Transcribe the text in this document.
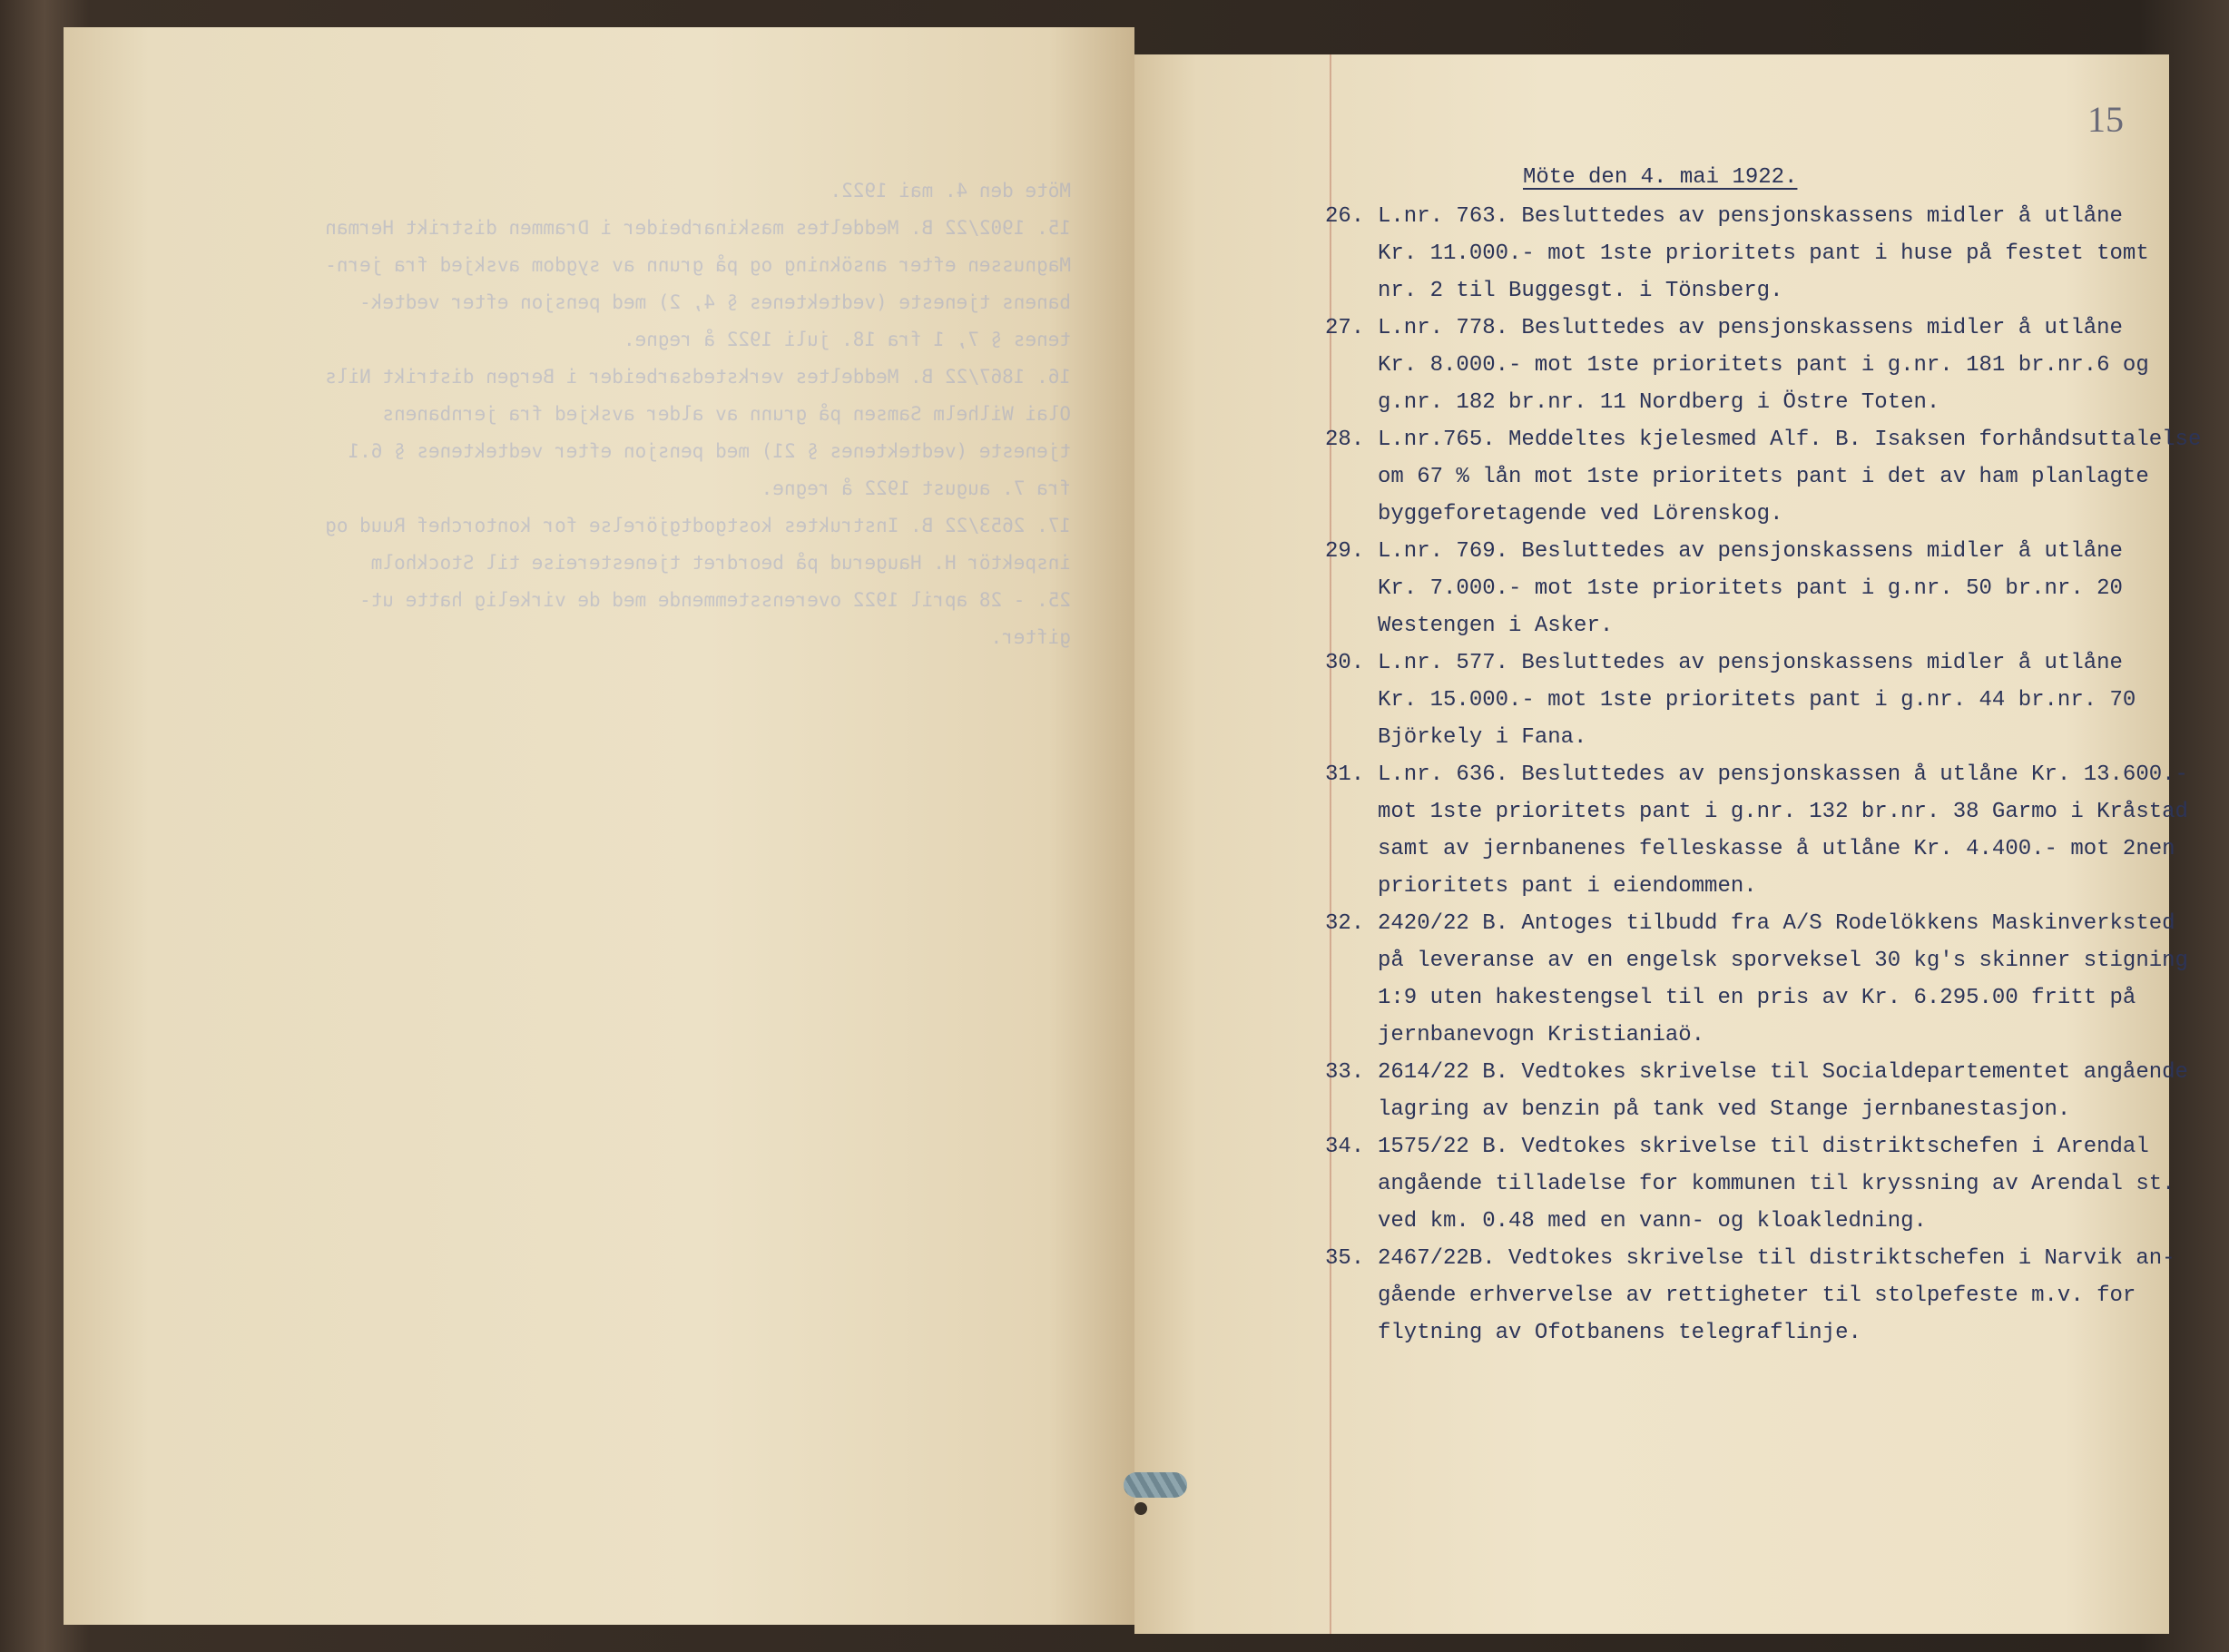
Möte den 4. mai 1922.
15. 1902/22 B. Meddeltes maskinarbeider i Drammen distrikt Herman
Magnussen efter ansökning og på grunn av sygdom avskjed fra jern-
banens tjeneste (vedtektenes § 4, 2) med pensjon efter vedtek-
tenes § 7, 1 fra 18. juli 1922 å regne.
16. 1867/22 B. Meddeltes verkstedsarbeider i Bergen distrikt Nils
Olai Wilhelm Samsen på grunn av alder avskjed fra jernbanens
tjeneste (vedtektenes § 21) med pensjon efter vedtektenes § 6.1
fra 7. august 1922 å regne.
17. 2653/22 B. Instruktes kostgodtgjörelse for kontorchef Ruud og
inspektör H. Haugerud på beordret tjenestereise til Stockholm
25. - 28 april 1922 overensstemmende med de virkelig hatte ut-
gifter.
15
Möte den 4. mai 1922.
26. L.nr. 763. Besluttedes av pensjonskassens midler å utlåne
Kr. 11.000.- mot 1ste prioritets pant i huse på festet tomt
nr. 2 til Buggesgt. i Tönsberg.
27. L.nr. 778. Besluttedes av pensjonskassens midler å utlåne
Kr. 8.000.- mot 1ste prioritets pant i g.nr. 181 br.nr.6 og
g.nr. 182 br.nr. 11 Nordberg i Östre Toten.
28. L.nr.765. Meddeltes kjelesmed Alf. B. Isaksen forhåndsuttalelse
om 67 % lån mot 1ste prioritets pant i det av ham planlagte
byggeforetagende ved Lörenskog.
29. L.nr. 769. Besluttedes av pensjonskassens midler å utlåne
Kr. 7.000.- mot 1ste prioritets pant i g.nr. 50 br.nr. 20
Westengen i Asker.
30. L.nr. 577. Besluttedes av pensjonskassens midler å utlåne
Kr. 15.000.- mot 1ste prioritets pant i g.nr. 44 br.nr. 70
Björkely i Fana.
31. L.nr. 636. Besluttedes av pensjonskassen å utlåne Kr. 13.600.-
mot 1ste prioritets pant i g.nr. 132 br.nr. 38 Garmo i Kråstad
samt av jernbanenes felleskasse å utlåne Kr. 4.400.- mot 2nen
prioritets pant i eiendommen.
32. 2420/22 B. Antoges tilbudd fra A/S Rodelökkens Maskinverksted
på leveranse av en engelsk sporveksel 30 kg's skinner stigning
1:9 uten hakestengsel til en pris av Kr. 6.295.00 fritt på
jernbanevogn Kristianiaö.
33. 2614/22 B. Vedtokes skrivelse til Socialdepartementet angående
lagring av benzin på tank ved Stange jernbanestasjon.
34. 1575/22 B. Vedtokes skrivelse til distriktschefen i Arendal
angående tilladelse for kommunen til kryssning av Arendal st.
ved km. 0.48 med en vann- og kloakledning.
35. 2467/22B. Vedtokes skrivelse til distriktschefen i Narvik an-
gående erhvervelse av rettigheter til stolpefeste m.v. for
flytning av Ofotbanens telegraflinje.
